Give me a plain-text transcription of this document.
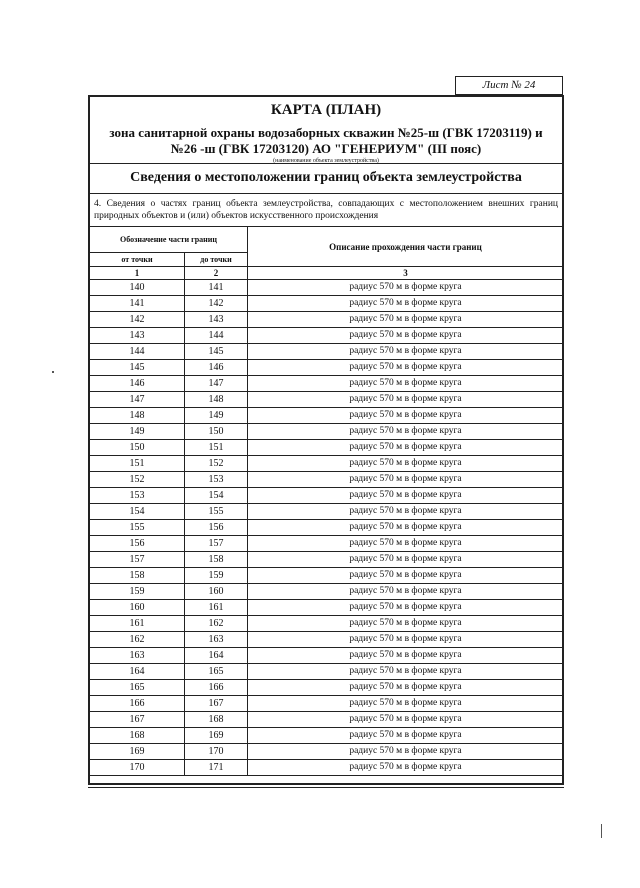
Лист № 24
КАРТА (ПЛАН)
зона санитарной охраны водозаборных скважин №25-ш (ГВК 17203119) и №26 -ш (ГВК 17203120) АО "ГЕНЕРИУМ" (III пояс)
(наименование объекта землеустройства)
Сведения о местоположении границ объекта землеустройства
4. Сведения о частях границ объекта землеустройства, совпадающих с местоположением внешних границ природных объектов и (или) объектов искусственного происхождения
Обозначение части границ		Описание прохождения части границ
от точки	до точки	
1	2	3
140	141	радиус 570 м в форме круга
141	142	радиус 570 м в форме круга
142	143	радиус 570 м в форме круга
143	144	радиус 570 м в форме круга
144	145	радиус 570 м в форме круга
145	146	радиус 570 м в форме круга
146	147	радиус 570 м в форме круга
147	148	радиус 570 м в форме круга
148	149	радиус 570 м в форме круга
149	150	радиус 570 м в форме круга
150	151	радиус 570 м в форме круга
151	152	радиус 570 м в форме круга
152	153	радиус 570 м в форме круга
153	154	радиус 570 м в форме круга
154	155	радиус 570 м в форме круга
155	156	радиус 570 м в форме круга
156	157	радиус 570 м в форме круга
157	158	радиус 570 м в форме круга
158	159	радиус 570 м в форме круга
159	160	радиус 570 м в форме круга
160	161	радиус 570 м в форме круга
161	162	радиус 570 м в форме круга
162	163	радиус 570 м в форме круга
163	164	радиус 570 м в форме круга
164	165	радиус 570 м в форме круга
165	166	радиус 570 м в форме круга
166	167	радиус 570 м в форме круга
167	168	радиус 570 м в форме круга
168	169	радиус 570 м в форме круга
169	170	радиус 570 м в форме круга
170	171	радиус 570 м в форме круга
